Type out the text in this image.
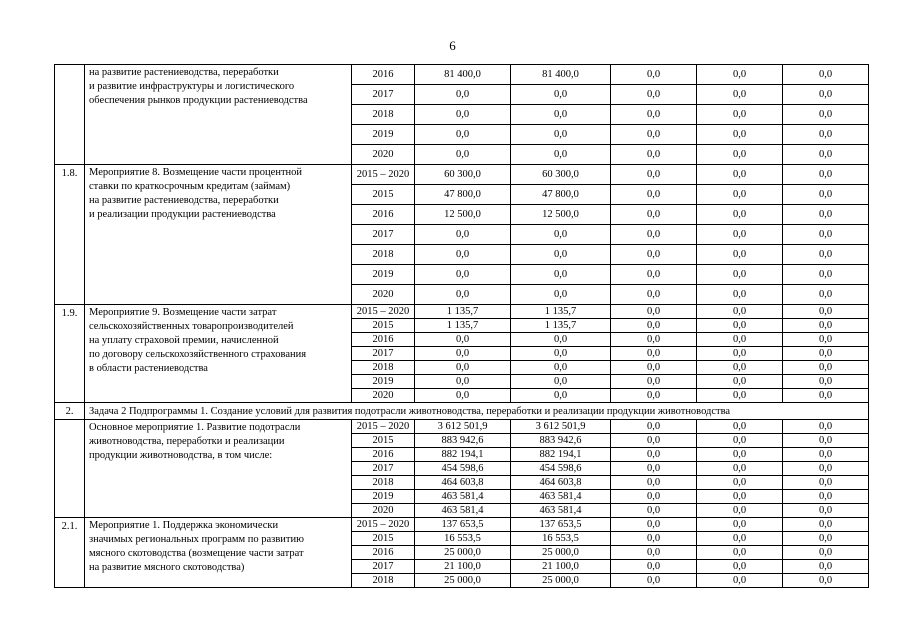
6
	на развитие растениеводства, переработки
и развитие инфраструктуры и логистического
обеспечения рынков продукции растениеводства	2016	81 400,0	81 400,0	0,0	0,0	0,0
		2017	0,0	0,0	0,0	0,0	0,0
		2018	0,0	0,0	0,0	0,0	0,0
		2019	0,0	0,0	0,0	0,0	0,0
		2020	0,0	0,0	0,0	0,0	0,0
1.8.	Мероприятие 8. Возмещение части процентной
ставки по краткосрочным кредитам (займам)
на развитие растениеводства, переработки
и реализации продукции растениеводства	2015 – 2020	60 300,0	60 300,0	0,0	0,0	0,0
		2015	47 800,0	47 800,0	0,0	0,0	0,0
		2016	12 500,0	12 500,0	0,0	0,0	0,0
		2017	0,0	0,0	0,0	0,0	0,0
		2018	0,0	0,0	0,0	0,0	0,0
		2019	0,0	0,0	0,0	0,0	0,0
		2020	0,0	0,0	0,0	0,0	0,0
1.9.	Мероприятие 9. Возмещение части затрат
сельскохозяйственных товаропроизводителей
на уплату страховой премии, начисленной
по договору сельскохозяйственного страхования
в области растениеводства	2015 – 2020	1 135,7	1 135,7	0,0	0,0	0,0
		2015	1 135,7	1 135,7	0,0	0,0	0,0
		2016	0,0	0,0	0,0	0,0	0,0
		2017	0,0	0,0	0,0	0,0	0,0
		2018	0,0	0,0	0,0	0,0	0,0
		2019	0,0	0,0	0,0	0,0	0,0
		2020	0,0	0,0	0,0	0,0	0,0
2.	Задача 2 Подпрограммы 1. Создание условий для развития подотрасли животноводства, переработки и реализации продукции животноводства						
	Основное мероприятие 1. Развитие подотрасли
животноводства, переработки и реализации
продукции животноводства, в том числе:	2015 – 2020	3 612 501,9	3 612 501,9	0,0	0,0	0,0
		2015	883 942,6	883 942,6	0,0	0,0	0,0
		2016	882 194,1	882 194,1	0,0	0,0	0,0
		2017	454 598,6	454 598,6	0,0	0,0	0,0
		2018	464 603,8	464 603,8	0,0	0,0	0,0
		2019	463 581,4	463 581,4	0,0	0,0	0,0
		2020	463 581,4	463 581,4	0,0	0,0	0,0
2.1.	Мероприятие 1. Поддержка экономически
значимых региональных программ по развитию
мясного скотоводства (возмещение части затрат
на развитие мясного скотоводства)	2015 – 2020	137 653,5	137 653,5	0,0	0,0	0,0
		2015	16 553,5	16 553,5	0,0	0,0	0,0
		2016	25 000,0	25 000,0	0,0	0,0	0,0
		2017	21 100,0	21 100,0	0,0	0,0	0,0
		2018	25 000,0	25 000,0	0,0	0,0	0,0
